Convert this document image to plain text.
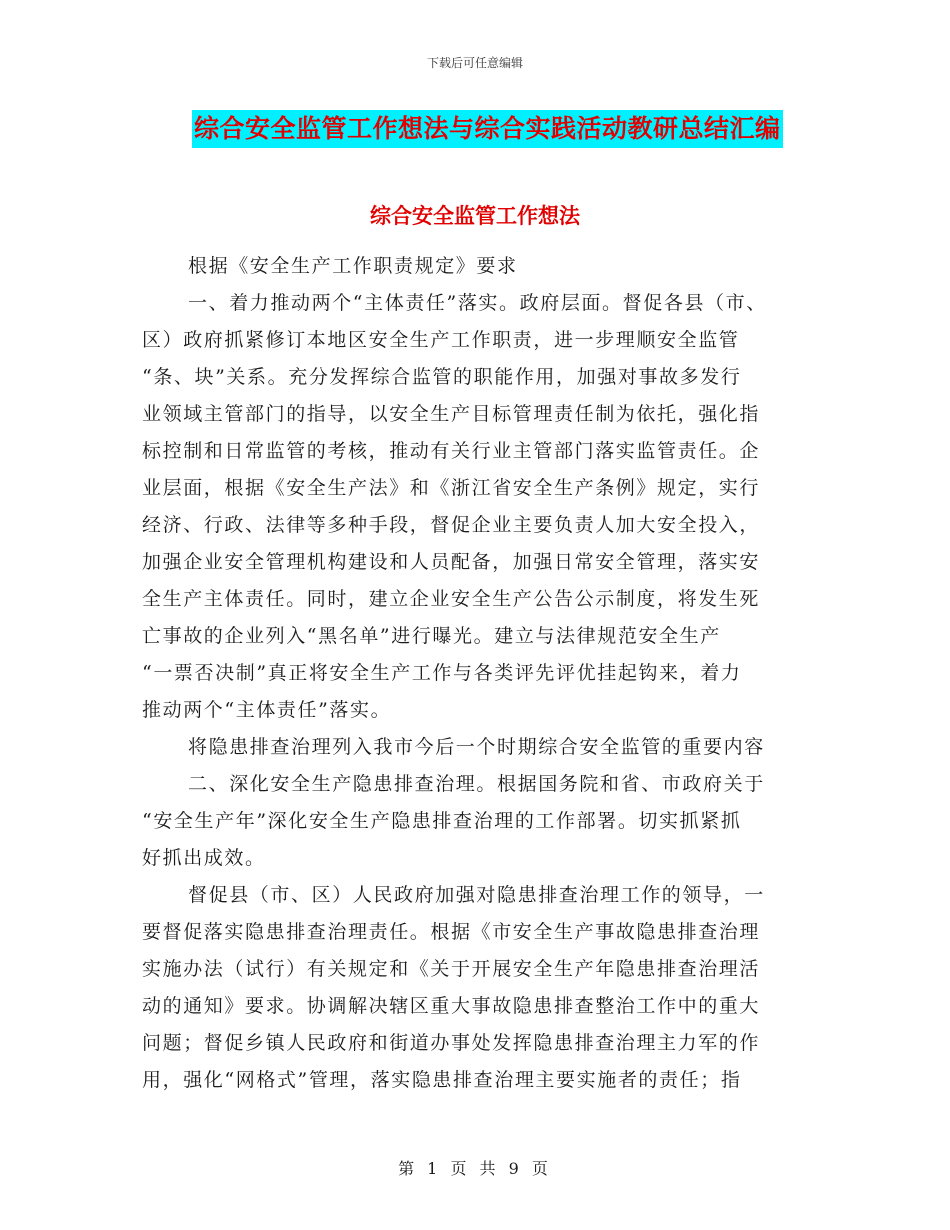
下载后可任意编辑
综合安全监管工作想法与综合实践活动教研总结汇编
综合安全监管工作想法
根据《安全生产工作职责规定》要求
一、着力推动两个“主体责任”落实。政府层面。督促各县（市、
区）政府抓紧修订本地区安全生产工作职责，进一步理顺安全监管
“条、块”关系。充分发挥综合监管的职能作用，加强对事故多发行
业领域主管部门的指导，以安全生产目标管理责任制为依托，强化指
标控制和日常监管的考核，推动有关行业主管部门落实监管责任。企
业层面，根据《安全生产法》和《浙江省安全生产条例》规定，实行
经济、行政、法律等多种手段，督促企业主要负责人加大安全投入，
加强企业安全管理机构建设和人员配备，加强日常安全管理，落实安
全生产主体责任。同时，建立企业安全生产公告公示制度，将发生死
亡事故的企业列入“黑名单”进行曝光。建立与法律规范安全生产
“一票否决制”真正将安全生产工作与各类评先评优挂起钩来，着力
推动两个“主体责任”落实。
将隐患排查治理列入我市今后一个时期综合安全监管的重要内容
二、深化安全生产隐患排查治理。根据国务院和省、市政府关于
“安全生产年”深化安全生产隐患排查治理的工作部署。切实抓紧抓
好抓出成效。
督促县（市、区）人民政府加强对隐患排查治理工作的领导，一
要督促落实隐患排查治理责任。根据《市安全生产事故隐患排查治理
实施办法（试行）有关规定和《关于开展安全生产年隐患排查治理活
动的通知》要求。协调解决辖区重大事故隐患排查整治工作中的重大
问题；督促乡镇人民政府和街道办事处发挥隐患排查治理主力军的作
用，强化“网格式”管理，落实隐患排查治理主要实施者的责任；指
第 1 页 共 9 页
